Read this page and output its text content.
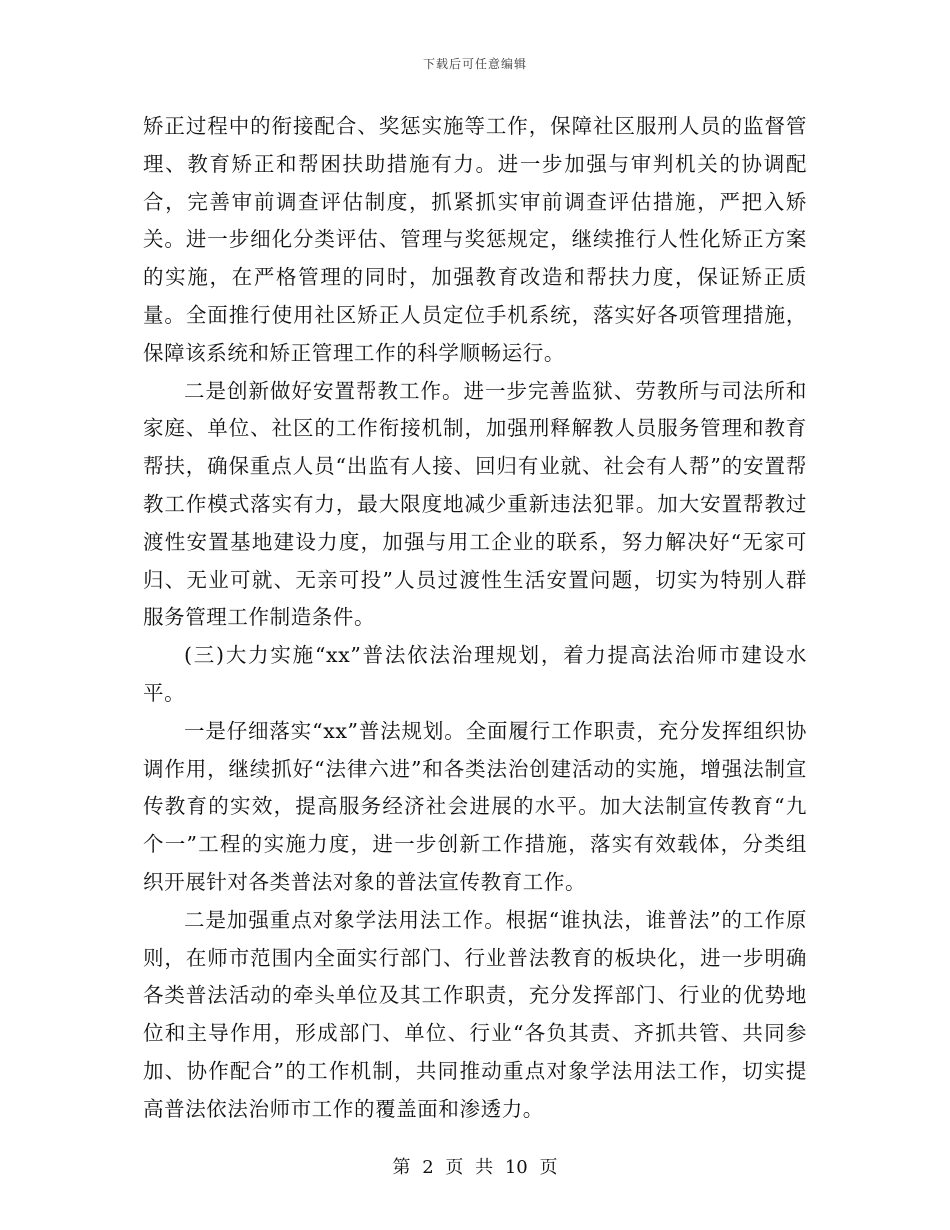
下载后可任意编辑

矫正过程中的衔接配合、奖惩实施等工作，保障社区服刑人员的监督管理、教育矫正和帮困扶助措施有力。进一步加强与审判机关的协调配合，完善审前调查评估制度，抓紧抓实审前调查评估措施，严把入矫关。进一步细化分类评估、管理与奖惩规定，继续推行人性化矫正方案的实施，在严格管理的同时，加强教育改造和帮扶力度，保证矫正质量。全面推行使用社区矫正人员定位手机系统，落实好各项管理措施，保障该系统和矫正管理工作的科学顺畅运行。

二是创新做好安置帮教工作。进一步完善监狱、劳教所与司法所和家庭、单位、社区的工作衔接机制，加强刑释解教人员服务管理和教育帮扶，确保重点人员“出监有人接、回归有业就、社会有人帮”的安置帮教工作模式落实有力，最大限度地减少重新违法犯罪。加大安置帮教过渡性安置基地建设力度，加强与用工企业的联系，努力解决好“无家可归、无业可就、无亲可投”人员过渡性生活安置问题，切实为特别人群服务管理工作制造条件。

(三)大力实施“xx”普法依法治理规划，着力提高法治师市建设水平。

一是仔细落实“xx”普法规划。全面履行工作职责，充分发挥组织协调作用，继续抓好“法律六进”和各类法治创建活动的实施，增强法制宣传教育的实效，提高服务经济社会进展的水平。加大法制宣传教育“九个一”工程的实施力度，进一步创新工作措施，落实有效载体，分类组织开展针对各类普法对象的普法宣传教育工作。

二是加强重点对象学法用法工作。根据“谁执法，谁普法”的工作原则，在师市范围内全面实行部门、行业普法教育的板块化，进一步明确各类普法活动的牵头单位及其工作职责，充分发挥部门、行业的优势地位和主导作用，形成部门、单位、行业“各负其责、齐抓共管、共同参加、协作配合”的工作机制，共同推动重点对象学法用法工作，切实提高普法依法治师市工作的覆盖面和渗透力。

第 2 页 共 10 页
